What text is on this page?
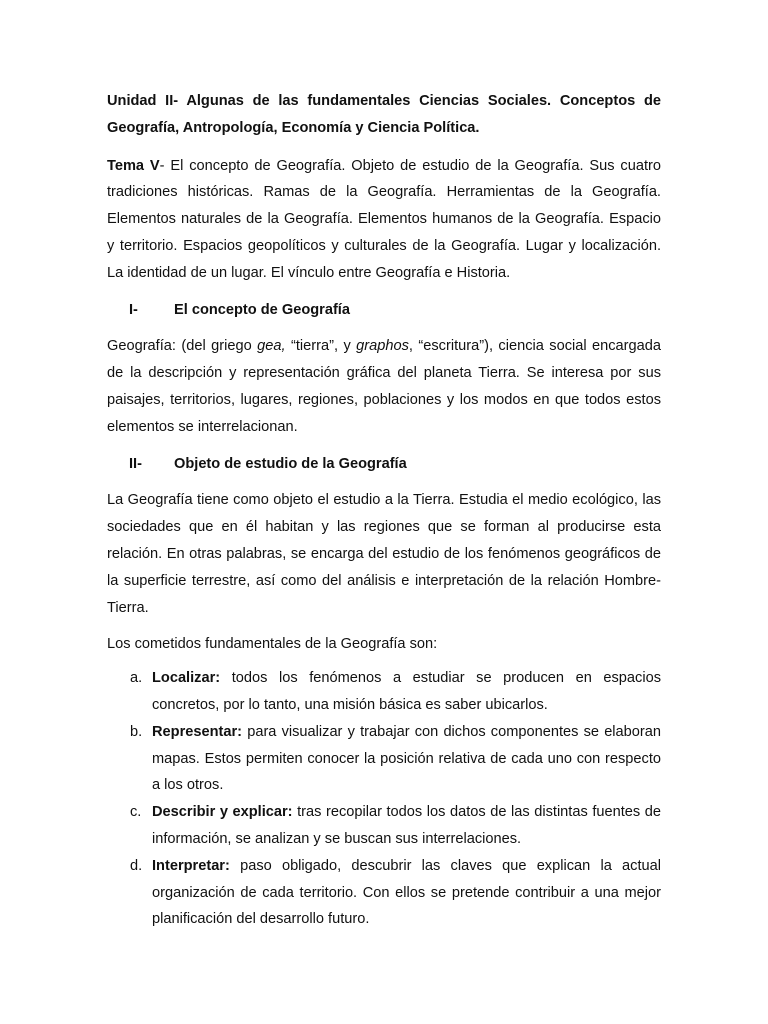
Unidad II- Algunas de las fundamentales Ciencias Sociales. Conceptos de Geografía, Antropología, Economía y Ciencia Política.

Tema V- El concepto de Geografía. Objeto de estudio de la Geografía. Sus cuatro tradiciones históricas. Ramas de la Geografía. Herramientas de la Geografía. Elementos naturales de la Geografía. Elementos humanos de la Geografía. Espacio y territorio. Espacios geopolíticos y culturales de la Geografía. Lugar y localización. La identidad de un lugar. El vínculo entre Geografía e Historia.

I-	El concepto de Geografía

Geografía: (del griego gea, “tierra”, y graphos, “escritura”), ciencia social encargada de la descripción y representación gráfica del planeta Tierra. Se interesa por sus paisajes, territorios, lugares, regiones, poblaciones y los modos en que todos estos elementos se interrelacionan.

II-	Objeto de estudio de la Geografía

La Geografía tiene como objeto el estudio a la Tierra. Estudia el medio ecológico, las sociedades que en él habitan y las regiones que se forman al producirse esta relación. En otras palabras, se encarga del estudio de los fenómenos geográficos de la superficie terrestre, así como del análisis e interpretación de la relación Hombre-Tierra.

Los cometidos fundamentales de la Geografía son:

a. Localizar: todos los fenómenos a estudiar se producen en espacios concretos, por lo tanto, una misión básica es saber ubicarlos.
b. Representar: para visualizar y trabajar con dichos componentes se elaboran mapas. Estos permiten conocer la posición relativa de cada uno con respecto a los otros.
c. Describir y explicar: tras recopilar todos los datos de las distintas fuentes de información, se analizan y se buscan sus interrelaciones.
d. Interpretar: paso obligado, descubrir las claves que explican la actual organización de cada territorio. Con ellos se pretende contribuir a una mejor planificación del desarrollo futuro.
